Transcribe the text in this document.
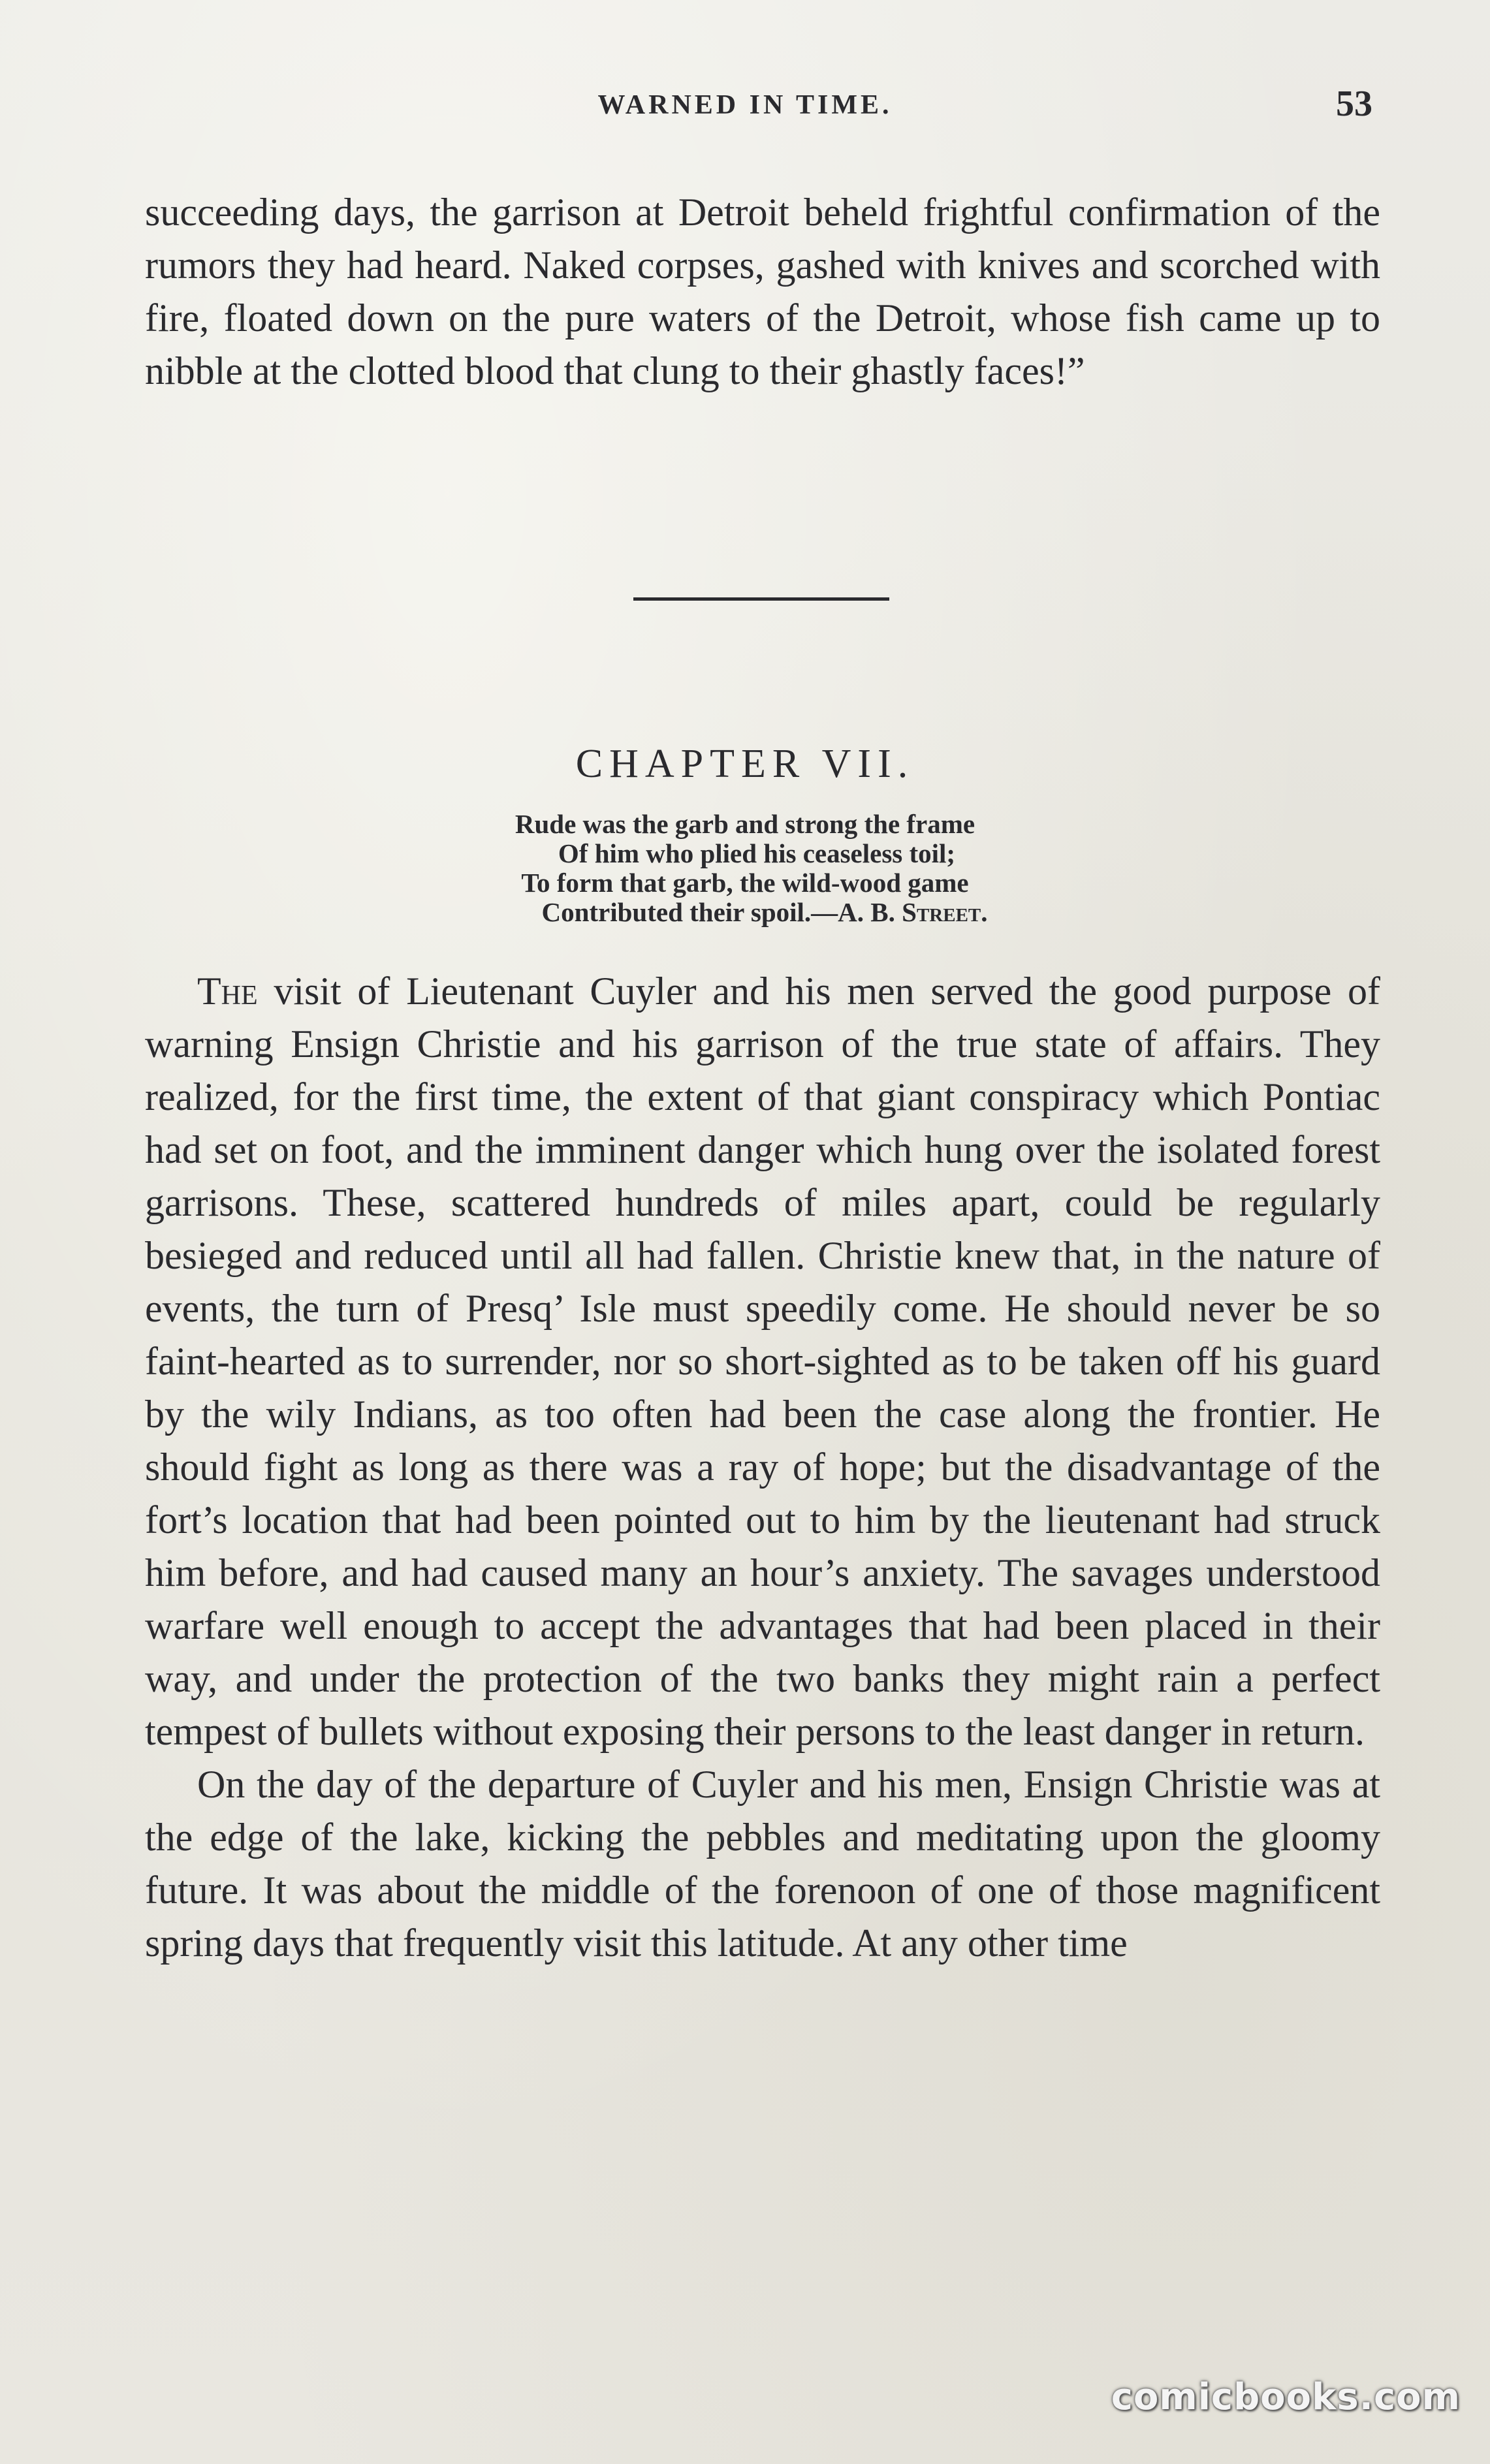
WARNED IN TIME.	53

succeeding days, the garrison at Detroit beheld frightful confirmation of the rumors they had heard. Naked corpses, gashed with knives and scorched with fire, floated down on the pure waters of the Detroit, whose fish came up to nibble at the clotted blood that clung to their ghastly faces!”

CHAPTER VII.
Rude was the garb and strong the frame
Of him who plied his ceaseless toil;
To form that garb, the wild-wood game
Contributed their spoil.—A. B. Street.

The visit of Lieutenant Cuyler and his men served the good purpose of warning Ensign Christie and his garrison of the true state of affairs. They realized, for the first time, the extent of that giant conspiracy which Pontiac had set on foot, and the imminent danger which hung over the isolated forest garrisons. These, scattered hundreds of miles apart, could be regularly besieged and reduced until all had fallen. Christie knew that, in the nature of events, the turn of Presq’ Isle must speedily come. He should never be so faint-hearted as to surrender, nor so short-sighted as to be taken off his guard by the wily Indians, as too often had been the case along the frontier. He should fight as long as there was a ray of hope; but the disadvantage of the fort’s location that had been pointed out to him by the lieutenant had struck him before, and had caused many an hour’s anxiety. The savages understood warfare well enough to accept the advantages that had been placed in their way, and under the protection of the two banks they might rain a perfect tempest of bullets without exposing their persons to the least danger in return.

On the day of the departure of Cuyler and his men, Ensign Christie was at the edge of the lake, kicking the pebbles and meditating upon the gloomy future. It was about the middle of the forenoon of one of those magnificent spring days that frequently visit this latitude. At any other time

comicbooks.com
